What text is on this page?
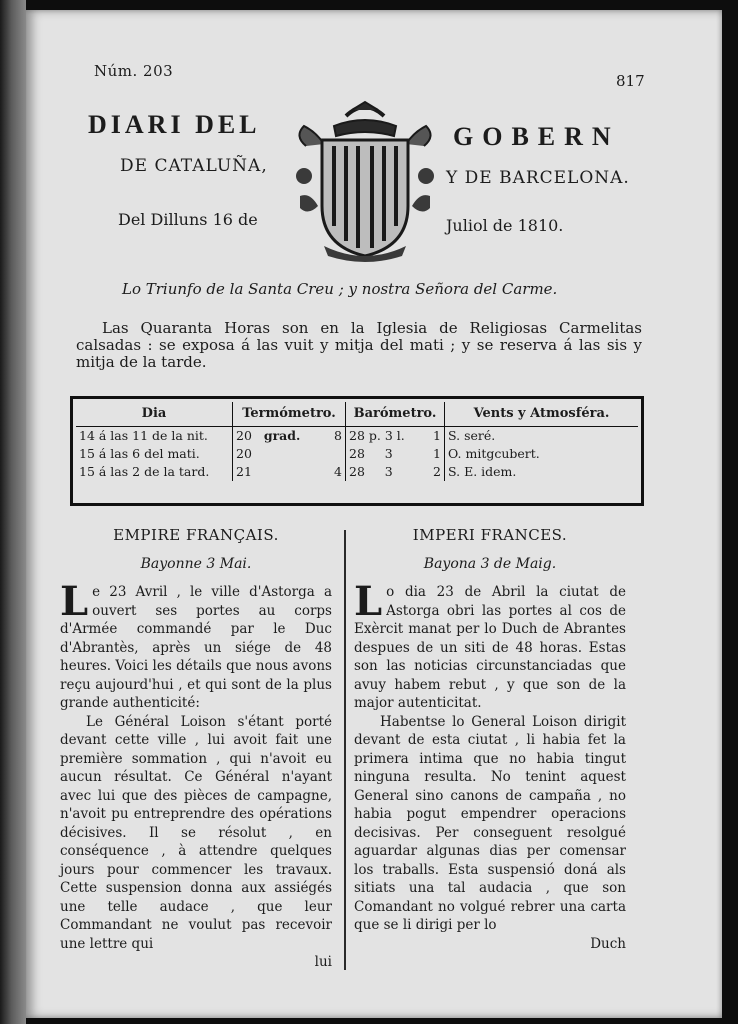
Núm. 203
817
DIARI DEL	GOBERN
DE CATALUÑA,
Y DE BARCELONA.
Del Dilluns 16 de	Juliol de 1810.
Lo Triunfo de la Santa Creu ; y nostra Señora del Carme.
Las Quaranta Horas son en la Iglesia de Religiosas Carmelitas calsadas : se exposa á las vuit y mitja del mati ; y se reserva á las sis y mitja de la tarde.
Dia	Termómetro.	Barómetro.	Vents y Atmosféra.
14 á las 11 de la nit.	20 grad. 8	28 p. 3 l. 1	S. seré.
15 á las 6 del mati.	20	28 3 1	O. mitgcubert.
15 á las 2 de la tard.	21 4	28 3 2	S. E. idem.
EMPIRE FRANÇAIS.
Bayonne 3 Mai.

Le 23 Avril , le ville d'Astorga a ouvert ses portes au corps d'Armée commandé par le Duc d'Abrantès, après un siége de 48 heures. Voici les détails que nous avons reçu aujourd'hui , et qui sont de la plus grande authenticité:

Le Général Loison s'étant porté devant cette ville , lui avoit fait une première sommation , qui n'avoit eu aucun résultat. Ce Général n'ayant avec lui que des pièces de campagne, n'avoit pu entreprendre des opérations décisives. Il se résolut , en conséquence , à attendre quelques jours pour commencer les travaux. Cette suspension donna aux assiégés une telle audace , que leur Commandant ne voulut pas recevoir une lettre qui

lui
IMPERI FRANCES.
Bayona 3 de Maig.

Lo dia 23 de Abril la ciutat de Astorga obri las portes al cos de Exèrcit manat per lo Duch de Abrantes despues de un siti de 48 horas. Estas son las noticias circunstanciadas que avuy habem rebut , y que son de la major autenticitat.

Habentse lo General Loison dirigit devant de esta ciutat , li habia fet la primera intima que no habia tingut ninguna resulta. No tenint aquest General sino canons de campaña , no habia pogut empendrer operacions decisivas. Per conseguent resolgué aguardar algunas dias per comensar los traballs. Esta suspensió doná als sitiats una tal audacia , que son Comandant no volgué rebrer una carta que se li dirigi per lo

Duch
